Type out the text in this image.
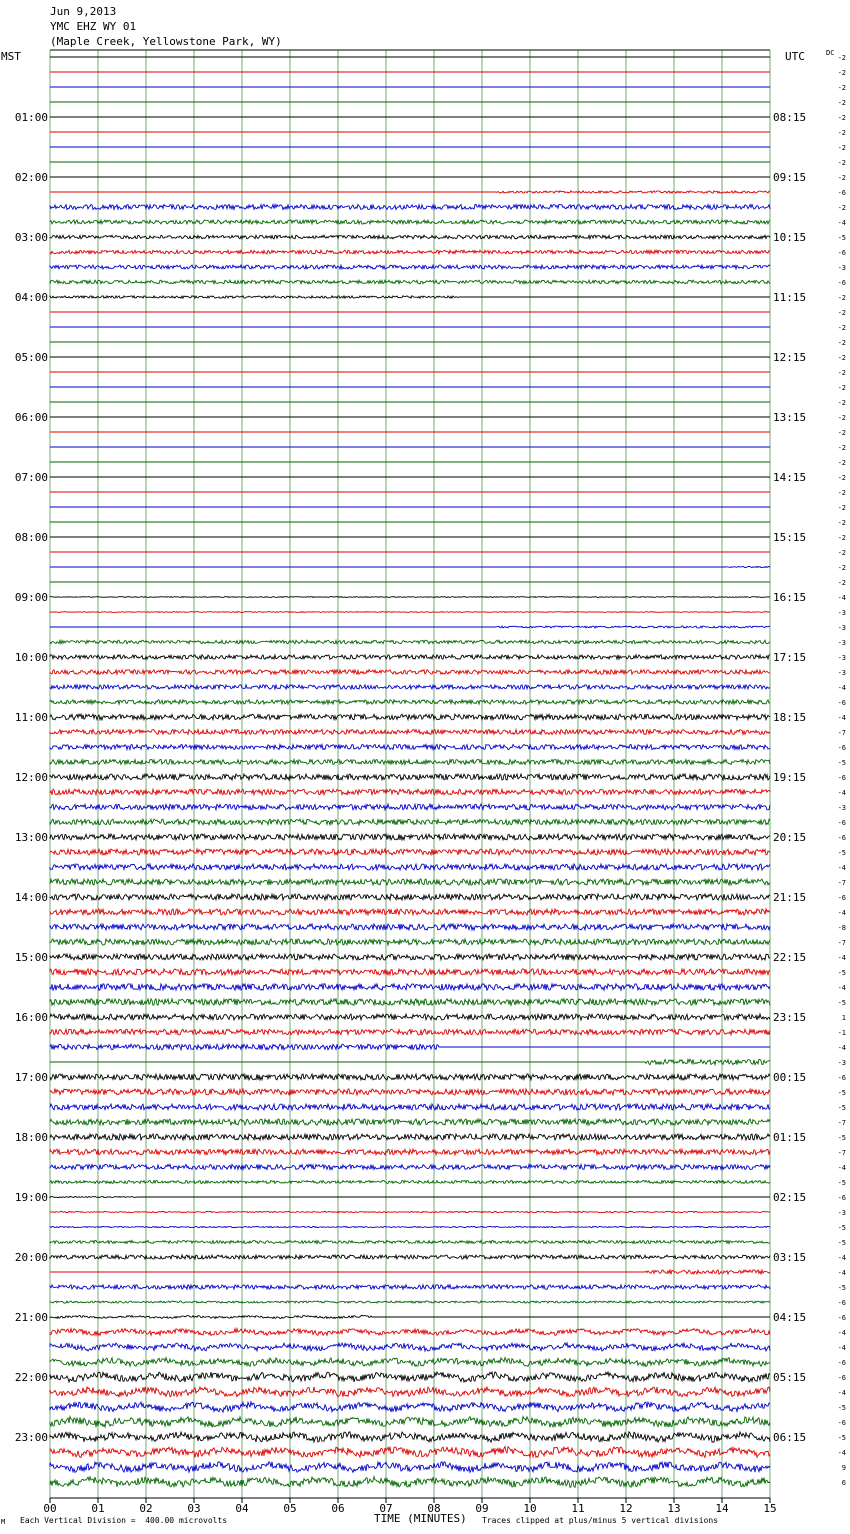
Jun 9,2013
YMC EHZ WY 01
(Maple Creek, Yellowstone Park, WY)
MST	UTC	DC
-2
-2
-2
-2
-2
-2
-2
-2
-2
-6
-2
-4
-5
-6
-3
-6
-2
-2
-2
-2
-2
-2
-2
-2
-2
-2
-2
-2
-2
-2
-2
-2
-2
-2
-2
-2
-4
-3
-3
-3
-3
-3
-4
-6
-4
-7
-6
-5
-6
-4
-3
-6
-6
-5
-4
-7
-6
-4
-8
-7
-4
-5
-4
-5
1
-1
-4
-3
-6
-5
-5
-7
-5
-7
-4
-5
-6
-3
-5
-5
-4
-4
-5
-6
-6
-4
-4
-6
-6
-4
-5
-6
-5
-4
9
6
01:00	08:15
02:00	09:15
03:00	10:15
04:00	11:15
05:00	12:15
06:00	13:15
07:00	14:15
08:00	15:15
09:00	16:15
10:00	17:15
11:00	18:15
12:00	19:15
13:00	20:15
14:00	21:15
15:00	22:15
16:00	23:15
17:00	00:15
18:00	01:15
19:00	02:15
20:00	03:15
21:00	04:15
22:00	05:15
23:00	06:15
00	01	02	03	04	05	06	07	08	09	10	11	12	13	14	15
TIME (MINUTES)
Each Vertical Division =  400.00 microvolts	Traces clipped at plus/minus 5 vertical divisions
M
